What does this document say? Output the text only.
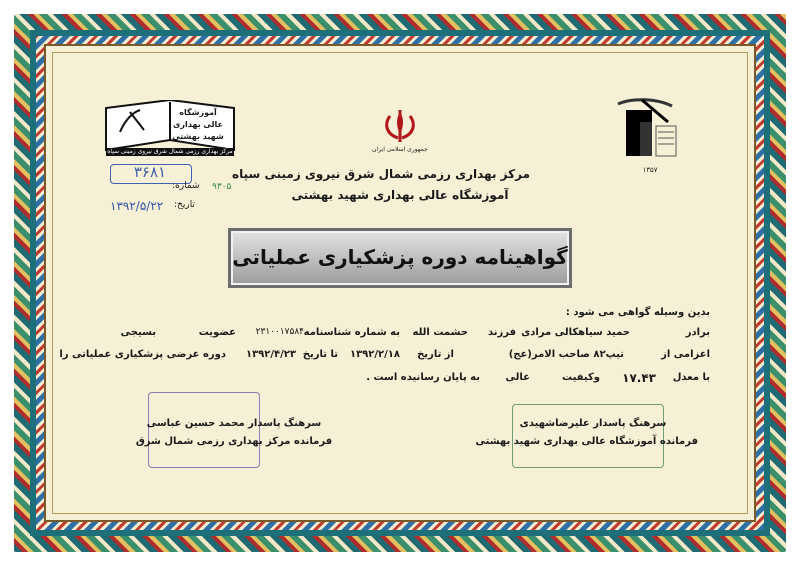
جمهوری اسلامی ایران
مرکز بهداری رزمی شمال شرق نیروی زمینی سپاه
آموزشگاه عالی بهداری شهید بهشتی
آموزشگاه
عالی بهداری
شهید بهشتی
مرکز بهداری رزمی شمال شرق نیروی زمینی سپاه
۱۳۵۷
۳۶۸۱
شماره: ۹۳۰۵
۱۳۹۲/۵/۲۲ تاریخ:
گواهینامه دوره پزشکیاری عملیاتی
بدین وسیله گواهی می شود :
برادر
حمید سیاهکالی مرادی
فرزند
حشمت الله
به شماره شناسنامه
۲۳۱۰۰۱۷۵۸۴
عضویت
بسیجی
اعزامی از
تیپ۸۲ صاحب الامر(عج)
از تاریخ
۱۳۹۲/۲/۱۸
تا تاریخ
۱۳۹۲/۴/۲۳
دوره عرضی پزشکیاری عملیاتی را
با معدل
۱۷.۴۳
وکیفیت
عالی
به پایان رسانیده است .
سرهنگ پاسدار محمد حسین عباسی
فرمانده مرکز بهداری رزمی شمال شرق
سرهنگ پاسدار علیرضاشهیدی
فرمانده آموزشگاه عالی بهداری شهید بهشتی
